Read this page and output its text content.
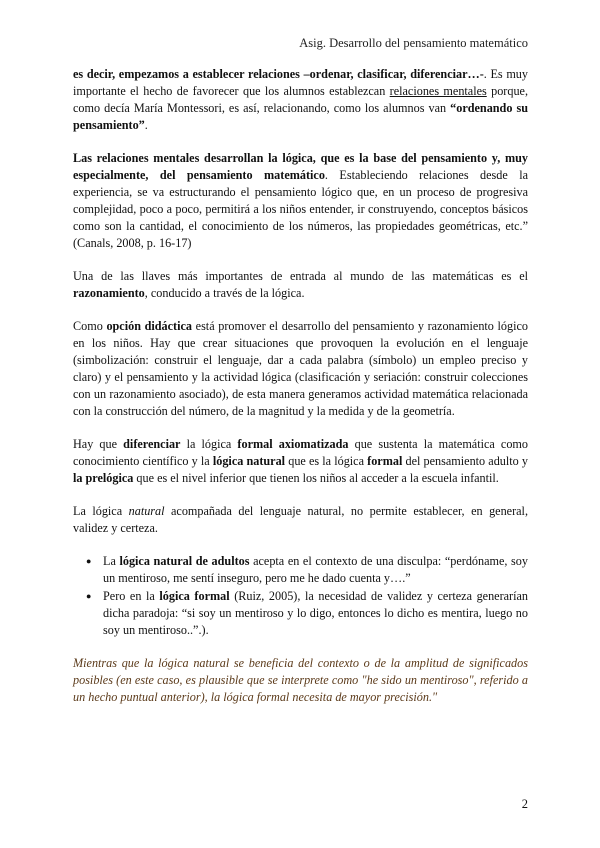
Asig. Desarrollo del pensamiento matemático

es decir, empezamos a establecer relaciones –ordenar, clasificar, diferenciar…-. Es muy importante el hecho de favorecer que los alumnos establezcan relaciones mentales porque, como decía María Montessori, es así, relacionando, como los alumnos van “ordenando su pensamiento”.

Las relaciones mentales desarrollan la lógica, que es la base del pensamiento y, muy especialmente, del pensamiento matemático. Estableciendo relaciones desde la experiencia, se va estructurando el pensamiento lógico que, en un proceso de progresiva complejidad, poco a poco, permitirá a los niños entender, ir construyendo, conceptos básicos como son la cantidad, el conocimiento de los números, las propiedades geométricas, etc.” (Canals, 2008, p. 16-17)

Una de las llaves más importantes de entrada al mundo de las matemáticas es el razonamiento, conducido a través de la lógica.

Como opción didáctica está promover el desarrollo del pensamiento y razonamiento lógico en los niños. Hay que crear situaciones que provoquen la evolución en el lenguaje (simbolización: construir el lenguaje, dar a cada palabra (símbolo) un empleo preciso y claro) y el pensamiento y la actividad lógica (clasificación y seriación: construir colecciones con un razonamiento asociado), de esta manera generamos actividad matemática relacionada con la construcción del número, de la magnitud y la medida y de la geometría.

Hay que diferenciar la lógica formal axiomatizada que sustenta la matemática como conocimiento científico y la lógica natural que es la lógica formal del pensamiento adulto y la prelógica que es el nivel inferior que tienen los niños al acceder a la escuela infantil.

La lógica natural acompañada del lenguaje natural, no permite establecer, en general, validez y certeza.

● La lógica natural de adultos acepta en el contexto de una disculpa: “perdóname, soy un mentiroso, me sentí inseguro, pero me he dado cuenta y….”
● Pero en la lógica formal (Ruiz, 2005), la necesidad de validez y certeza generarían dicha paradoja: “si soy un mentiroso y lo digo, entonces lo dicho es mentira, luego no soy un mentiroso..”.).

Mientras que la lógica natural se beneficia del contexto o de la amplitud de significados posibles (en este caso, es plausible que se interprete como "he sido un mentiroso", referido a un hecho puntual anterior), la lógica formal necesita de mayor precisión."

2
